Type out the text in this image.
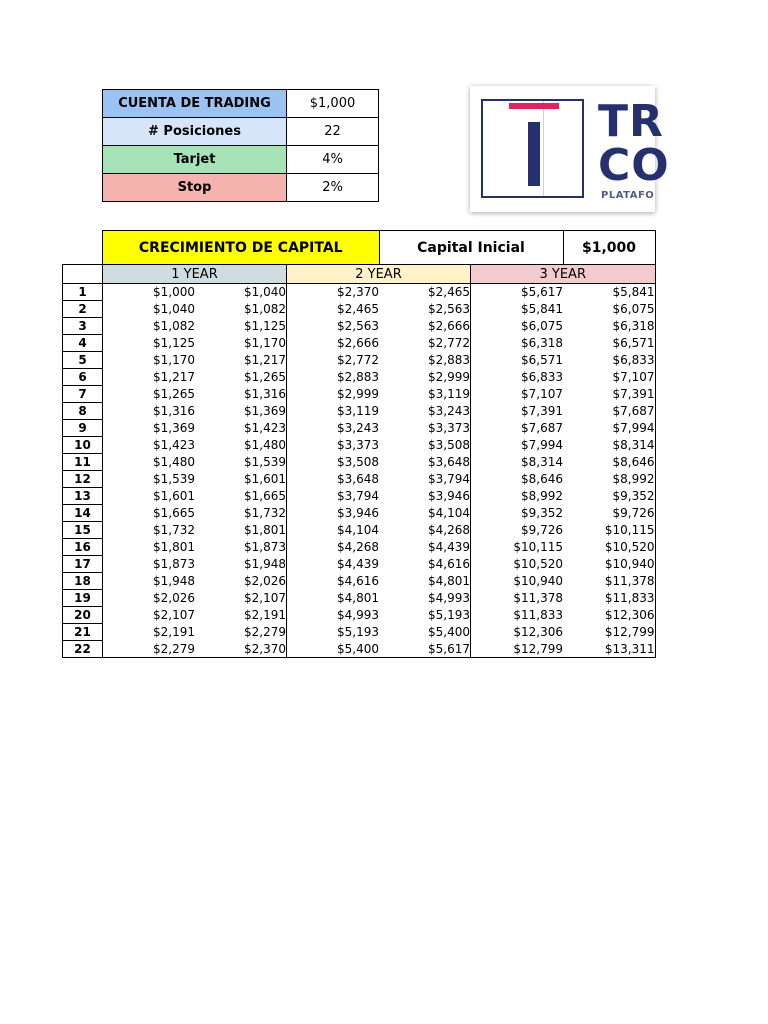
CUENTA DE TRADING	$1,000
# Posiciones	22
Tarjet	4%
Stop	2%
TR
CO
PLATAFO
	CRECIMIENTO DE CAPITAL			Capital Inicial		$1,000
	1 YEAR		2 YEAR		3 YEAR	
1	$1,000	$1,040	$2,370	$2,465	$5,617	$5,841
2	$1,040	$1,082	$2,465	$2,563	$5,841	$6,075
3	$1,082	$1,125	$2,563	$2,666	$6,075	$6,318
4	$1,125	$1,170	$2,666	$2,772	$6,318	$6,571
5	$1,170	$1,217	$2,772	$2,883	$6,571	$6,833
6	$1,217	$1,265	$2,883	$2,999	$6,833	$7,107
7	$1,265	$1,316	$2,999	$3,119	$7,107	$7,391
8	$1,316	$1,369	$3,119	$3,243	$7,391	$7,687
9	$1,369	$1,423	$3,243	$3,373	$7,687	$7,994
10	$1,423	$1,480	$3,373	$3,508	$7,994	$8,314
11	$1,480	$1,539	$3,508	$3,648	$8,314	$8,646
12	$1,539	$1,601	$3,648	$3,794	$8,646	$8,992
13	$1,601	$1,665	$3,794	$3,946	$8,992	$9,352
14	$1,665	$1,732	$3,946	$4,104	$9,352	$9,726
15	$1,732	$1,801	$4,104	$4,268	$9,726	$10,115
16	$1,801	$1,873	$4,268	$4,439	$10,115	$10,520
17	$1,873	$1,948	$4,439	$4,616	$10,520	$10,940
18	$1,948	$2,026	$4,616	$4,801	$10,940	$11,378
19	$2,026	$2,107	$4,801	$4,993	$11,378	$11,833
20	$2,107	$2,191	$4,993	$5,193	$11,833	$12,306
21	$2,191	$2,279	$5,193	$5,400	$12,306	$12,799
22	$2,279	$2,370	$5,400	$5,617	$12,799	$13,311
